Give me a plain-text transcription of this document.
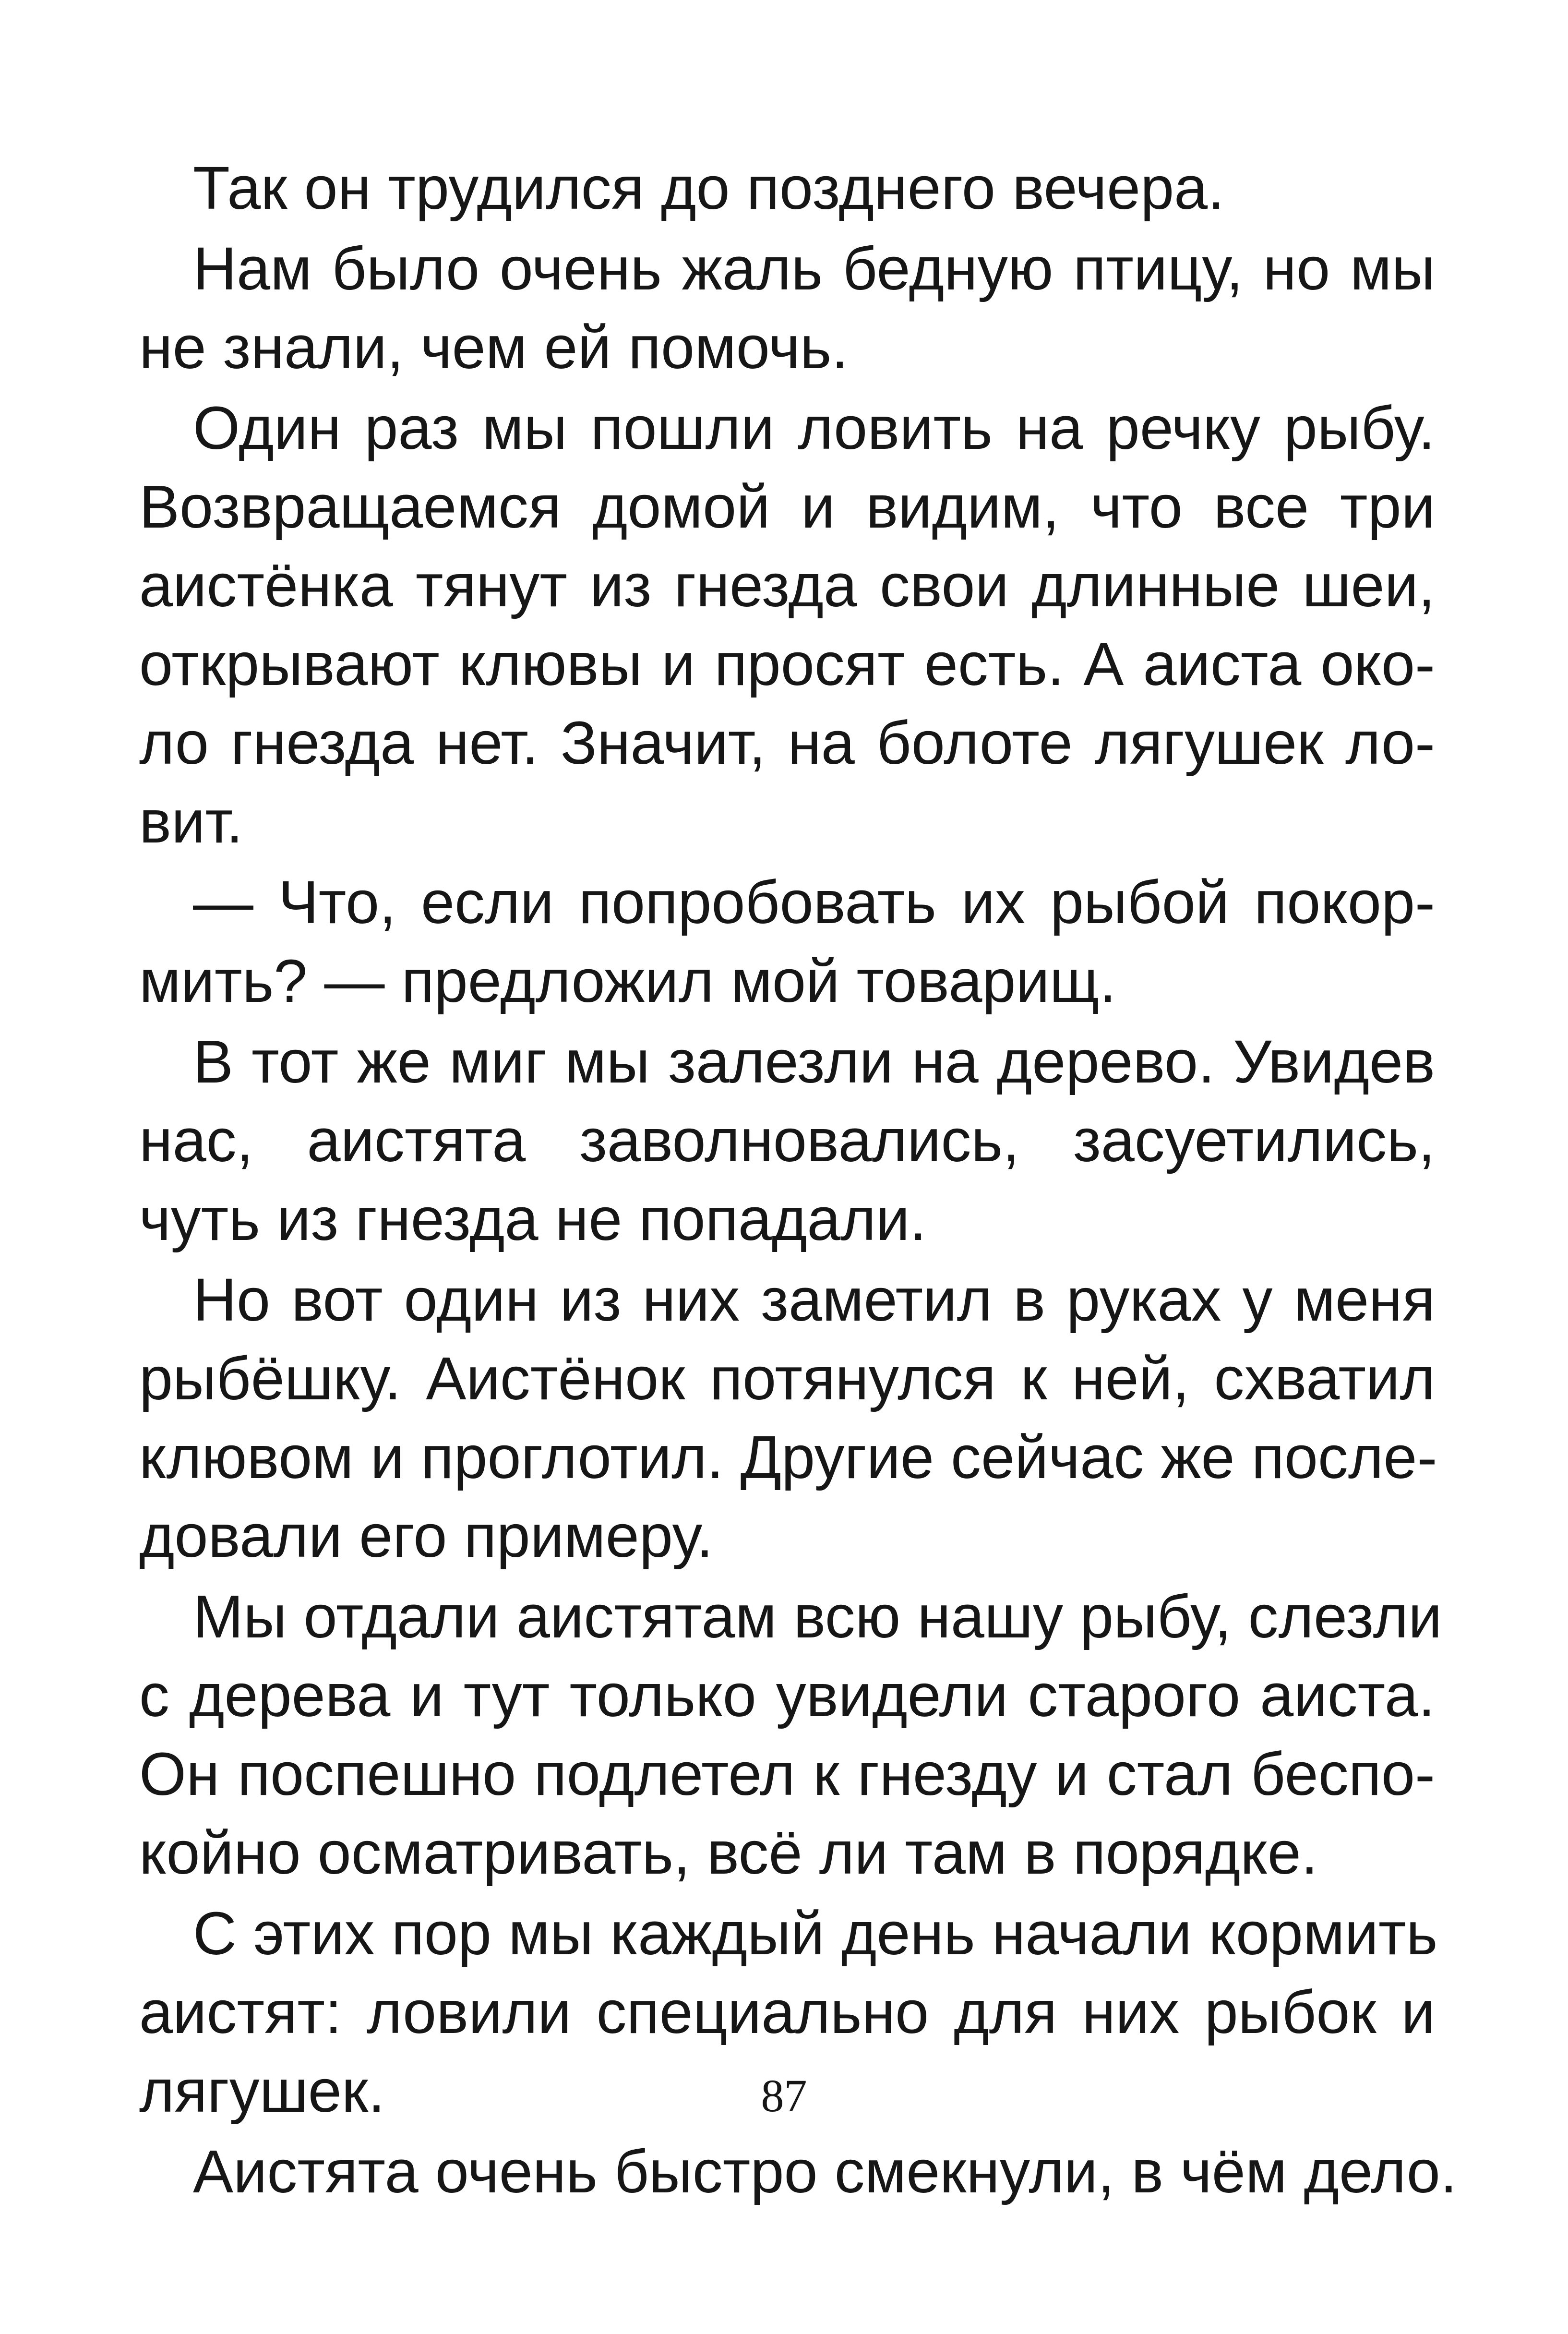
Так он трудился до позднего вечера.

Нам было очень жаль бедную птицу, но мы
не знали, чем ей помочь.

Один раз мы пошли ловить на речку рыбу.
Возвращаемся домой и видим, что все три
аистёнка тянут из гнезда свои длинные шеи,
открывают клювы и просят есть. А аиста око-
ло гнезда нет. Значит, на болоте лягушек ло-
вит.

— Что, если попробовать их рыбой покор-
мить? — предложил мой товарищ.

В тот же миг мы залезли на дерево. Увидев
нас, аистята заволновались, засуетились,
чуть из гнезда не попадали.

Но вот один из них заметил в руках у меня
рыбёшку. Аистёнок потянулся к ней, схватил
клювом и проглотил. Другие сейчас же после-
довали его примеру.

Мы отдали аистятам всю нашу рыбу, слезли
с дерева и тут только увидели старого аиста.
Он поспешно подлетел к гнезду и стал беспо-
койно осматривать, всё ли там в порядке.

С этих пор мы каждый день начали кормить
аистят: ловили специально для них рыбок и
лягушек.

Аистята очень быстро смекнули, в чём дело.

87
